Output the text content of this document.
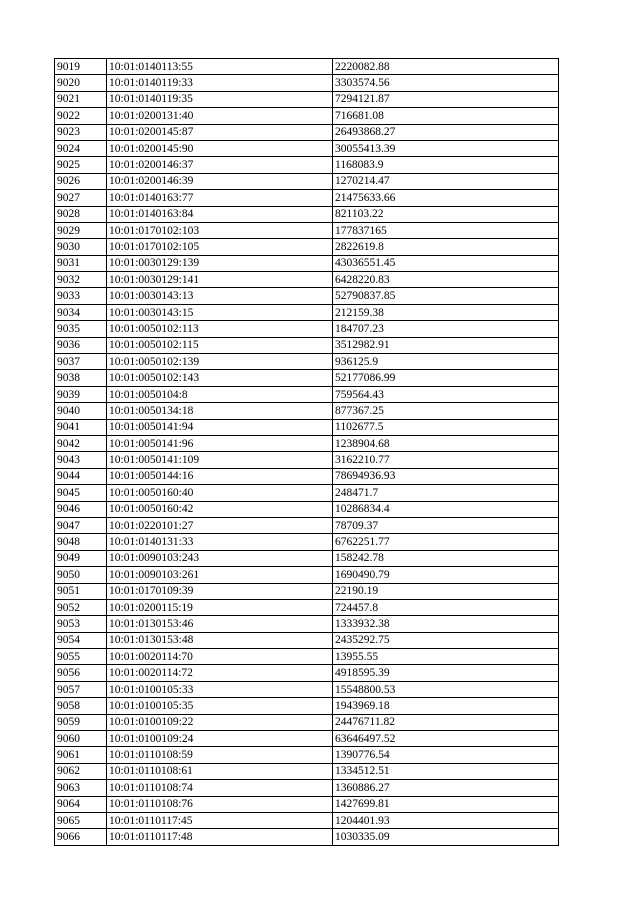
9019	10:01:0140113:55	2220082.88
9020	10:01:0140119:33	3303574.56
9021	10:01:0140119:35	7294121.87
9022	10:01:0200131:40	716681.08
9023	10:01:0200145:87	26493868.27
9024	10:01:0200145:90	30055413.39
9025	10:01:0200146:37	1168083.9
9026	10:01:0200146:39	1270214.47
9027	10:01:0140163:77	21475633.66
9028	10:01:0140163:84	821103.22
9029	10:01:0170102:103	177837165
9030	10:01:0170102:105	2822619.8
9031	10:01:0030129:139	43036551.45
9032	10:01:0030129:141	6428220.83
9033	10:01:0030143:13	52790837.85
9034	10:01:0030143:15	212159.38
9035	10:01:0050102:113	184707.23
9036	10:01:0050102:115	3512982.91
9037	10:01:0050102:139	936125.9
9038	10:01:0050102:143	52177086.99
9039	10:01:0050104:8	759564.43
9040	10:01:0050134:18	877367.25
9041	10:01:0050141:94	1102677.5
9042	10:01:0050141:96	1238904.68
9043	10:01:0050141:109	3162210.77
9044	10:01:0050144:16	78694936.93
9045	10:01:0050160:40	248471.7
9046	10:01:0050160:42	10286834.4
9047	10:01:0220101:27	78709.37
9048	10:01:0140131:33	6762251.77
9049	10:01:0090103:243	158242.78
9050	10:01:0090103:261	1690490.79
9051	10:01:0170109:39	22190.19
9052	10:01:0200115:19	724457.8
9053	10:01:0130153:46	1333932.38
9054	10:01:0130153:48	2435292.75
9055	10:01:0020114:70	13955.55
9056	10:01:0020114:72	4918595.39
9057	10:01:0100105:33	15548800.53
9058	10:01:0100105:35	1943969.18
9059	10:01:0100109:22	24476711.82
9060	10:01:0100109:24	63646497.52
9061	10:01:0110108:59	1390776.54
9062	10:01:0110108:61	1334512.51
9063	10:01:0110108:74	1360886.27
9064	10:01:0110108:76	1427699.81
9065	10:01:0110117:45	1204401.93
9066	10:01:0110117:48	1030335.09
